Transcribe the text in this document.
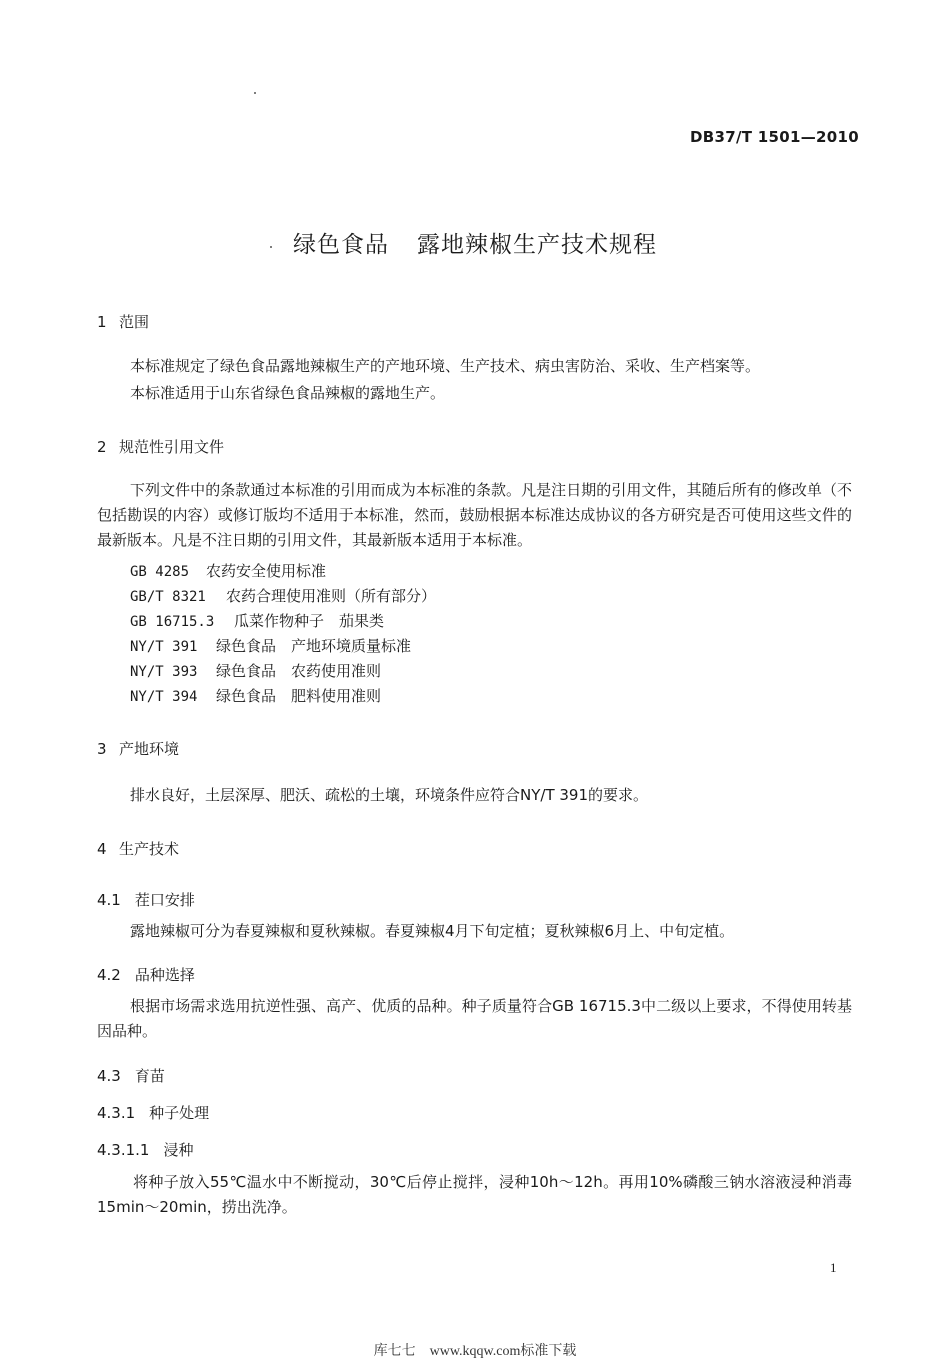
DB37/T 1501—2010
绿色食品 露地辣椒生产技术规程
1 范围
本标准规定了绿色食品露地辣椒生产的产地环境、生产技术、病虫害防治、采收、生产档案等。
本标准适用于山东省绿色食品辣椒的露地生产。
2 规范性引用文件
下列文件中的条款通过本标准的引用而成为本标准的条款。凡是注日期的引用文件，其随后所有的修改单（不包括勘误的内容）或修订版均不适用于本标准，然而，鼓励根据本标准达成协议的各方研究是否可使用这些文件的最新版本。凡是不注日期的引用文件，其最新版本适用于本标准。
GB 4285 农药安全使用标准
GB/T 8321 农药合理使用准则（所有部分）
GB 16715.3 瓜菜作物种子　茄果类
NY/T 391 绿色食品　产地环境质量标准
NY/T 393 绿色食品　农药使用准则
NY/T 394 绿色食品　肥料使用准则
3 产地环境
排水良好，土层深厚、肥沃、疏松的土壤，环境条件应符合NY/T 391的要求。
4 生产技术
4.1 茬口安排
露地辣椒可分为春夏辣椒和夏秋辣椒。春夏辣椒4月下旬定植；夏秋辣椒6月上、中旬定植。
4.2 品种选择
根据市场需求选用抗逆性强、高产、优质的品种。种子质量符合GB 16715.3中二级以上要求，不得使用转基因品种。
4.3 育苗
4.3.1 种子处理
4.3.1.1 浸种
将种子放入55℃温水中不断搅动，30℃后停止搅拌，浸种10h～12h。再用10%磷酸三钠水溶液浸种消毒15min～20min，捞出洗净。
1
库七七　www.kqqw.com标准下载
